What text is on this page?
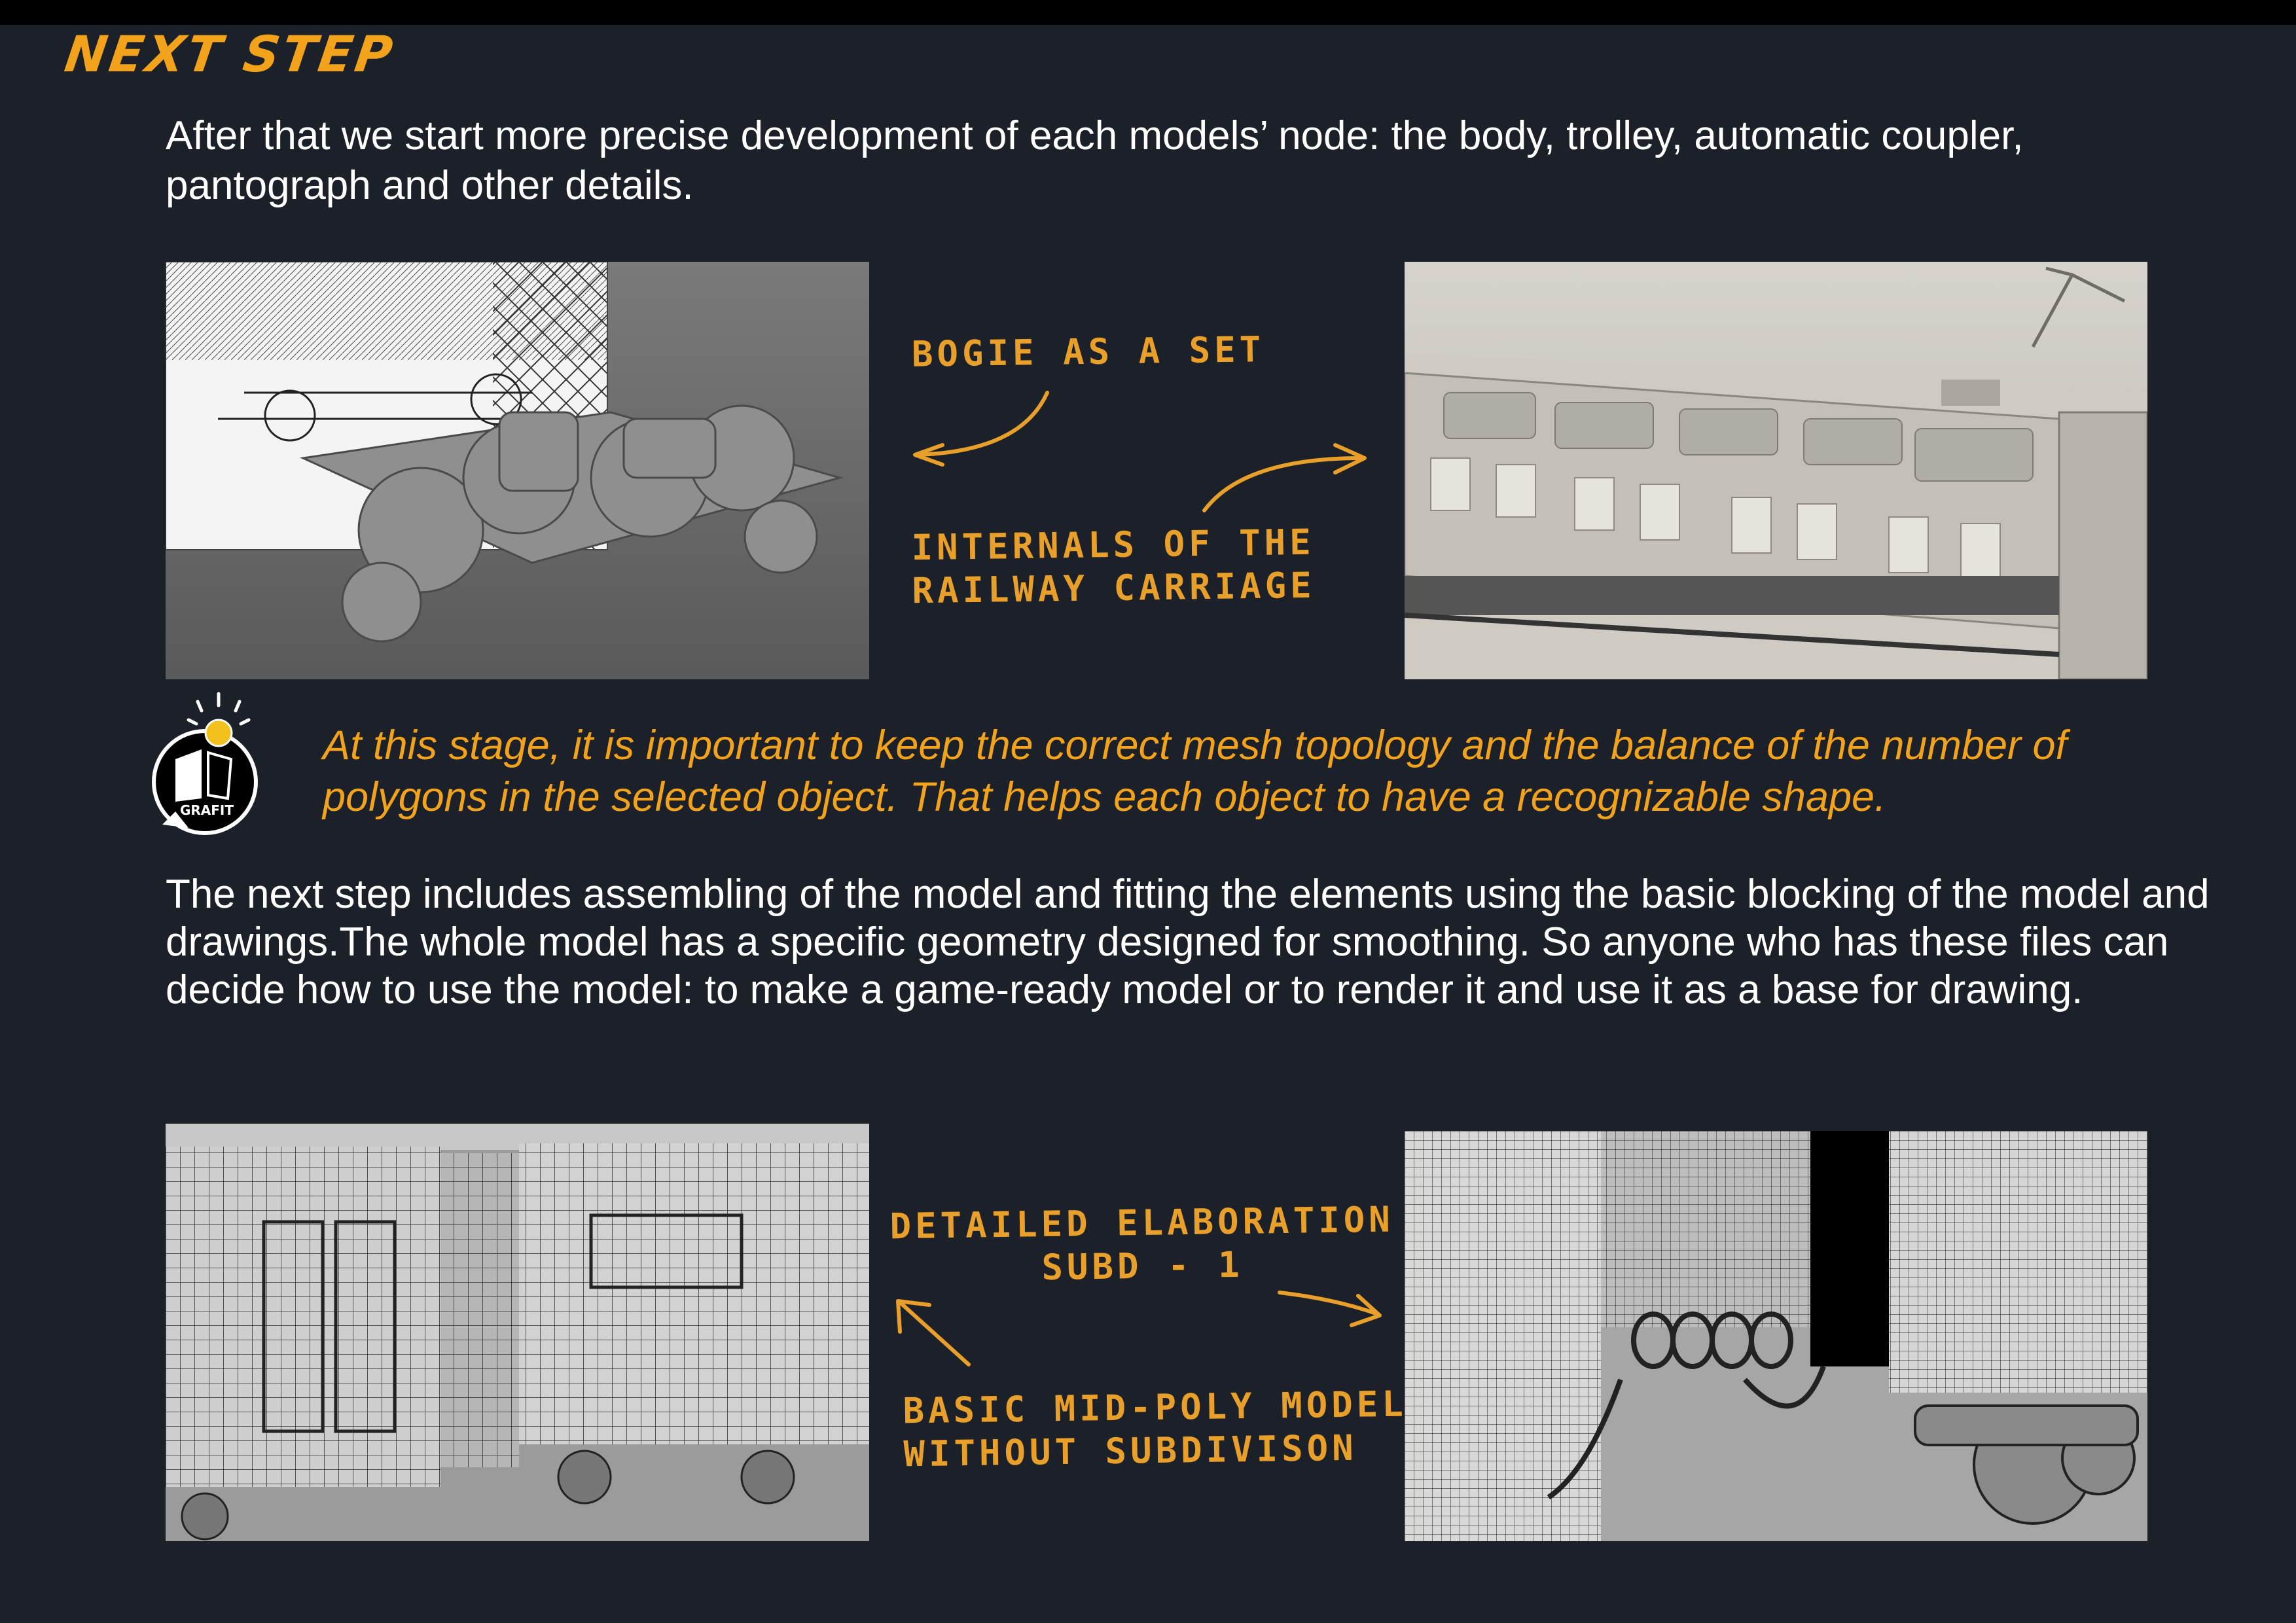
NEXT STEP
After that we start more precise development of each models’ node: the body, trolley, automatic coupler, pantograph and other details.
GRAFIT
At this stage, it is important to keep the correct mesh topology and the balance of the number of polygons in the selected object. That helps each object to have a recognizable shape.
The next step includes assembling of the model and fitting the elements using the basic blocking of the model and drawings.The whole model has a specific geometry designed for smoothing. So anyone who has these files can decide how to use the model: to make a game-ready model or to render it and use it as a base for drawing.
BOGIE AS A SET
INTERNALS OF THE
RAILWAY CARRIAGE
DETAILED ELABORATION
SUBD - 1
BASIC MID-POLY MODEL
WITHOUT SUBDIVISON
